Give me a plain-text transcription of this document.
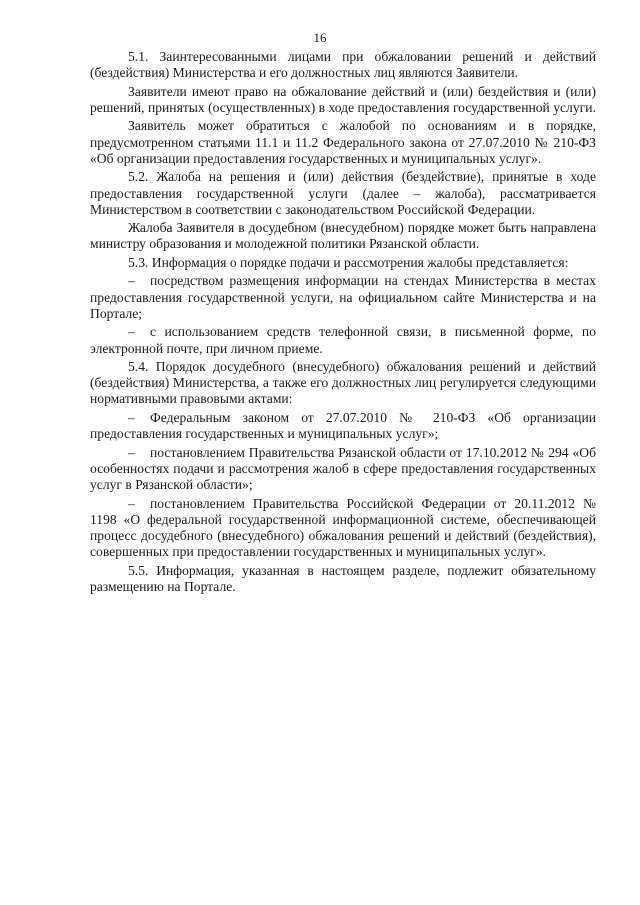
16

5.1. Заинтересованными лицами при обжаловании решений и действий (бездействия) Министерства и его должностных лиц являются Заявители.

Заявители имеют право на обжалование действий и (или) бездействия и (или) решений, принятых (осуществленных) в ходе предоставления государственной услуги.

Заявитель может обратиться с жалобой по основаниям и в порядке, предусмотренном статьями 11.1 и 11.2 Федерального закона от 27.07.2010 № 210-ФЗ «Об организации предоставления государственных и муниципальных услуг».

5.2. Жалоба на решения и (или) действия (бездействие), принятые в ходе предоставления государственной услуги (далее – жалоба), рассматривается Министерством в соответствии с законодательством Российской Федерации.

Жалоба Заявителя в досудебном (внесудебном) порядке может быть направлена министру образования и молодежной политики Рязанской области.

5.3. Информация о порядке подачи и рассмотрения жалобы представляется:

– посредством размещения информации на стендах Министерства в местах предоставления государственной услуги, на официальном сайте Министерства и на Портале;

– с использованием средств телефонной связи, в письменной форме, по электронной почте, при личном приеме.

5.4. Порядок досудебного (внесудебного) обжалования решений и действий (бездействия) Министерства, а также его должностных лиц регулируется следующими нормативными правовыми актами:

– Федеральным законом от 27.07.2010 № 210-ФЗ «Об организации предоставления государственных и муниципальных услуг»;

– постановлением Правительства Рязанской области от 17.10.2012 № 294 «Об особенностях подачи и рассмотрения жалоб в сфере предоставления государственных услуг в Рязанской области»;

– постановлением Правительства Российской Федерации от 20.11.2012 № 1198 «О федеральной государственной информационной системе, обеспечивающей процесс досудебного (внесудебного) обжалования решений и действий (бездействия), совершенных при предоставлении государственных и муниципальных услуг».

5.5. Информация, указанная в настоящем разделе, подлежит обязательному размещению на Портале.
